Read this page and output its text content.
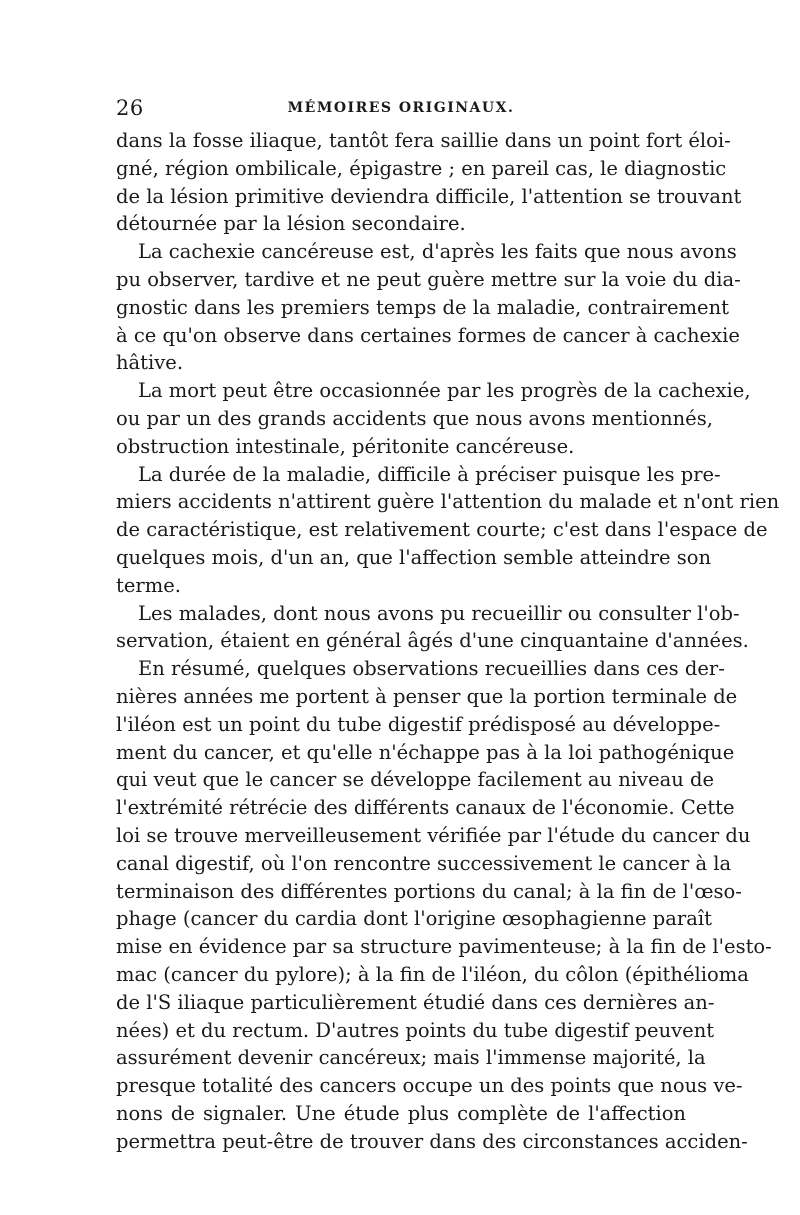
26	MÉMOIRES ORIGINAUX.
dans la fosse iliaque, tantôt fera saillie dans un point fort éloi-
gné, région ombilicale, épigastre ; en pareil cas, le diagnostic
de la lésion primitive deviendra difficile, l'attention se trouvant
détournée par la lésion secondaire.
La cachexie cancéreuse est, d'après les faits que nous avons
pu observer, tardive et ne peut guère mettre sur la voie du dia-
gnostic dans les premiers temps de la maladie, contrairement
à ce qu'on observe dans certaines formes de cancer à cachexie
hâtive.
La mort peut être occasionnée par les progrès de la cachexie,
ou par un des grands accidents que nous avons mentionnés,
obstruction intestinale, péritonite cancéreuse.
La durée de la maladie, difficile à préciser puisque les pre-
miers accidents n'attirent guère l'attention du malade et n'ont rien
de caractéristique, est relativement courte; c'est dans l'espace de
quelques mois, d'un an, que l'affection semble atteindre son
terme.
Les malades, dont nous avons pu recueillir ou consulter l'ob-
servation, étaient en général âgés d'une cinquantaine d'années.
En résumé, quelques observations recueillies dans ces der-
nières années me portent à penser que la portion terminale de
l'iléon est un point du tube digestif prédisposé au développe-
ment du cancer, et qu'elle n'échappe pas à la loi pathogénique
qui veut que le cancer se développe facilement au niveau de
l'extrémité rétrécie des différents canaux de l'économie. Cette
loi se trouve merveilleusement vérifiée par l'étude du cancer du
canal digestif, où l'on rencontre successivement le cancer à la
terminaison des différentes portions du canal; à la fin de l'œso-
phage (cancer du cardia dont l'origine œsophagienne paraît
mise en évidence par sa structure pavimenteuse; à la fin de l'esto-
mac (cancer du pylore); à la fin de l'iléon, du côlon (épithélioma
de l'S iliaque particulièrement étudié dans ces dernières an-
nées) et du rectum. D'autres points du tube digestif peuvent
assurément devenir cancéreux; mais l'immense majorité, la
presque totalité des cancers occupe un des points que nous ve-
nons de signaler. Une étude plus complète de l'affection
permettra peut-être de trouver dans des circonstances acciden-
